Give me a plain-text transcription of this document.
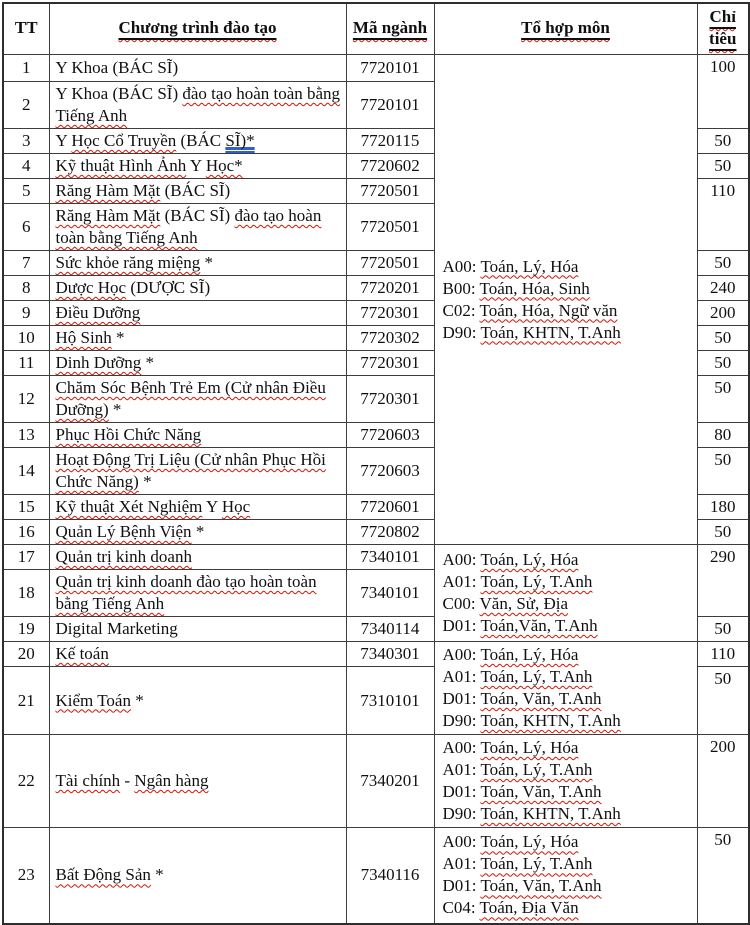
TT	Chương trình đào tạo	Mã ngành	Tổ hợp môn	Chỉ tiêu
1	Y Khoa (BÁC SĨ)	7720101	A00: Toán, Lý, Hóa
B00: Toán, Hóa, Sinh
C02: Toán, Hóa, Ngữ văn
D90: Toán, KHTN, T.Anh	100
2	Y Khoa (BÁC SĨ) đào tạo hoàn toàn bằng Tiếng Anh	7720101		
3	Y Học Cổ Truyền (BÁC SĨ)*	7720115		50
4	Kỹ thuật Hình Ảnh Y Học*	7720602		50
5	Răng Hàm Mặt (BÁC SĨ)	7720501		110
6	Răng Hàm Mặt (BÁC SĨ) đào tạo hoàn toàn bằng Tiếng Anh	7720501		
7	Sức khỏe răng miệng *	7720501		50
8	Dược Học (DƯỢC SĨ)	7720201		240
9	Điều Dưỡng	7720301		200
10	Hộ Sinh *	7720302		50
11	Dinh Dưỡng *	7720301		50
12	Chăm Sóc Bệnh Trẻ Em (Cử nhân Điều Dưỡng) *	7720301		50
13	Phục Hồi Chức Năng	7720603		80
14	Hoạt Động Trị Liệu (Cử nhân Phục Hồi Chức Năng) *	7720603		50
15	Kỹ thuật Xét Nghiệm Y Học	7720601		180
16	Quản Lý Bệnh Viện *	7720802		50
17	Quản trị kinh doanh	7340101	A00: Toán, Lý, Hóa
A01: Toán, Lý, T.Anh
C00: Văn, Sử, Địa
D01: Toán,Văn, T.Anh	290
18	Quản trị kinh doanh đào tạo hoàn toàn bằng Tiếng Anh	7340101		
19	Digital Marketing	7340114		50
20	Kế toán	7340301	A00: Toán, Lý, Hóa
A01: Toán, Lý, T.Anh
D01: Toán, Văn, T.Anh
D90: Toán, KHTN, T.Anh	110
21	Kiểm Toán *	7310101		50
22	Tài chính - Ngân hàng	7340201	A00: Toán, Lý, Hóa
A01: Toán, Lý, T.Anh
D01: Toán, Văn, T.Anh
D90: Toán, KHTN, T.Anh	200
23	Bất Động Sản *	7340116	A00: Toán, Lý, Hóa
A01: Toán, Lý, T.Anh
D01: Toán, Văn, T.Anh
C04: Toán, Địa Văn	50
